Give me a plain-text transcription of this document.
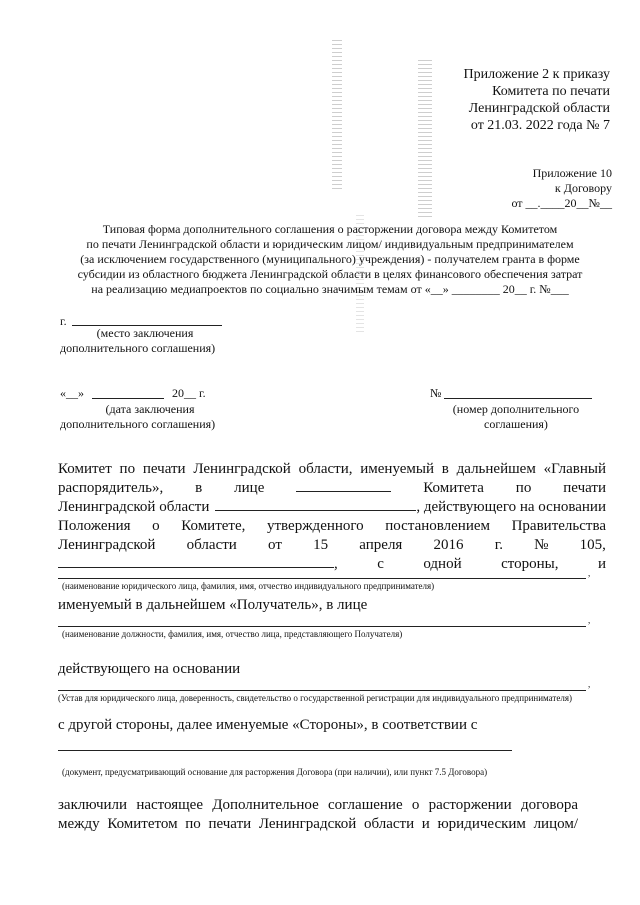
Приложение 2 к приказу
Комитета по печати
Ленинградской области
от 21.03. 2022 года № 7
Приложение 10
к Договору
от __.____20__№__
Типовая форма дополнительного соглашения о расторжении договора между Комитетом
по печати Ленинградской области и юридическим лицом/ индивидуальным предпринимателем
(за исключением государственного (муниципального) учреждения) - получателем гранта в форме
субсидии из областного бюджета Ленинградской области в целях финансового обеспечения затрат
на реализацию медиапроектов по социально значимым темам от «__» ________ 20__ г. №___
г.
(место заключения
дополнительного соглашения)
«__»	20__ г.
(дата заключения
дополнительного соглашения)
№
(номер дополнительного
соглашения)
Комитет по печати Ленинградской области, именуемый в дальнейшем «Главный
распорядитель», в лице	Комитета по печати
Ленинградской области	, действующего на основании
Положения о Комитете, утвержденного постановлением Правительства
Ленинградской области от 15 апреля 2016 г. № 105,
,	с	одной	стороны,	и
,
(наименование юридического лица, фамилия, имя, отчество индивидуального предпринимателя)
именуемый в дальнейшем «Получатель», в лице
,
(наименование должности, фамилия, имя, отчество лица, представляющего Получателя)
действующего на основании
,
(Устав для юридического лица, доверенность, свидетельство о государственной регистрации для индивидуального предпринимателя)
с другой стороны, далее именуемые «Стороны», в соответствии с
(документ, предусматривающий основание для расторжения Договора (при наличии), или пункт 7.5 Договора)
заключили настоящее Дополнительное соглашение о расторжении договора
между Комитетом по печати Ленинградской области и юридическим лицом/
